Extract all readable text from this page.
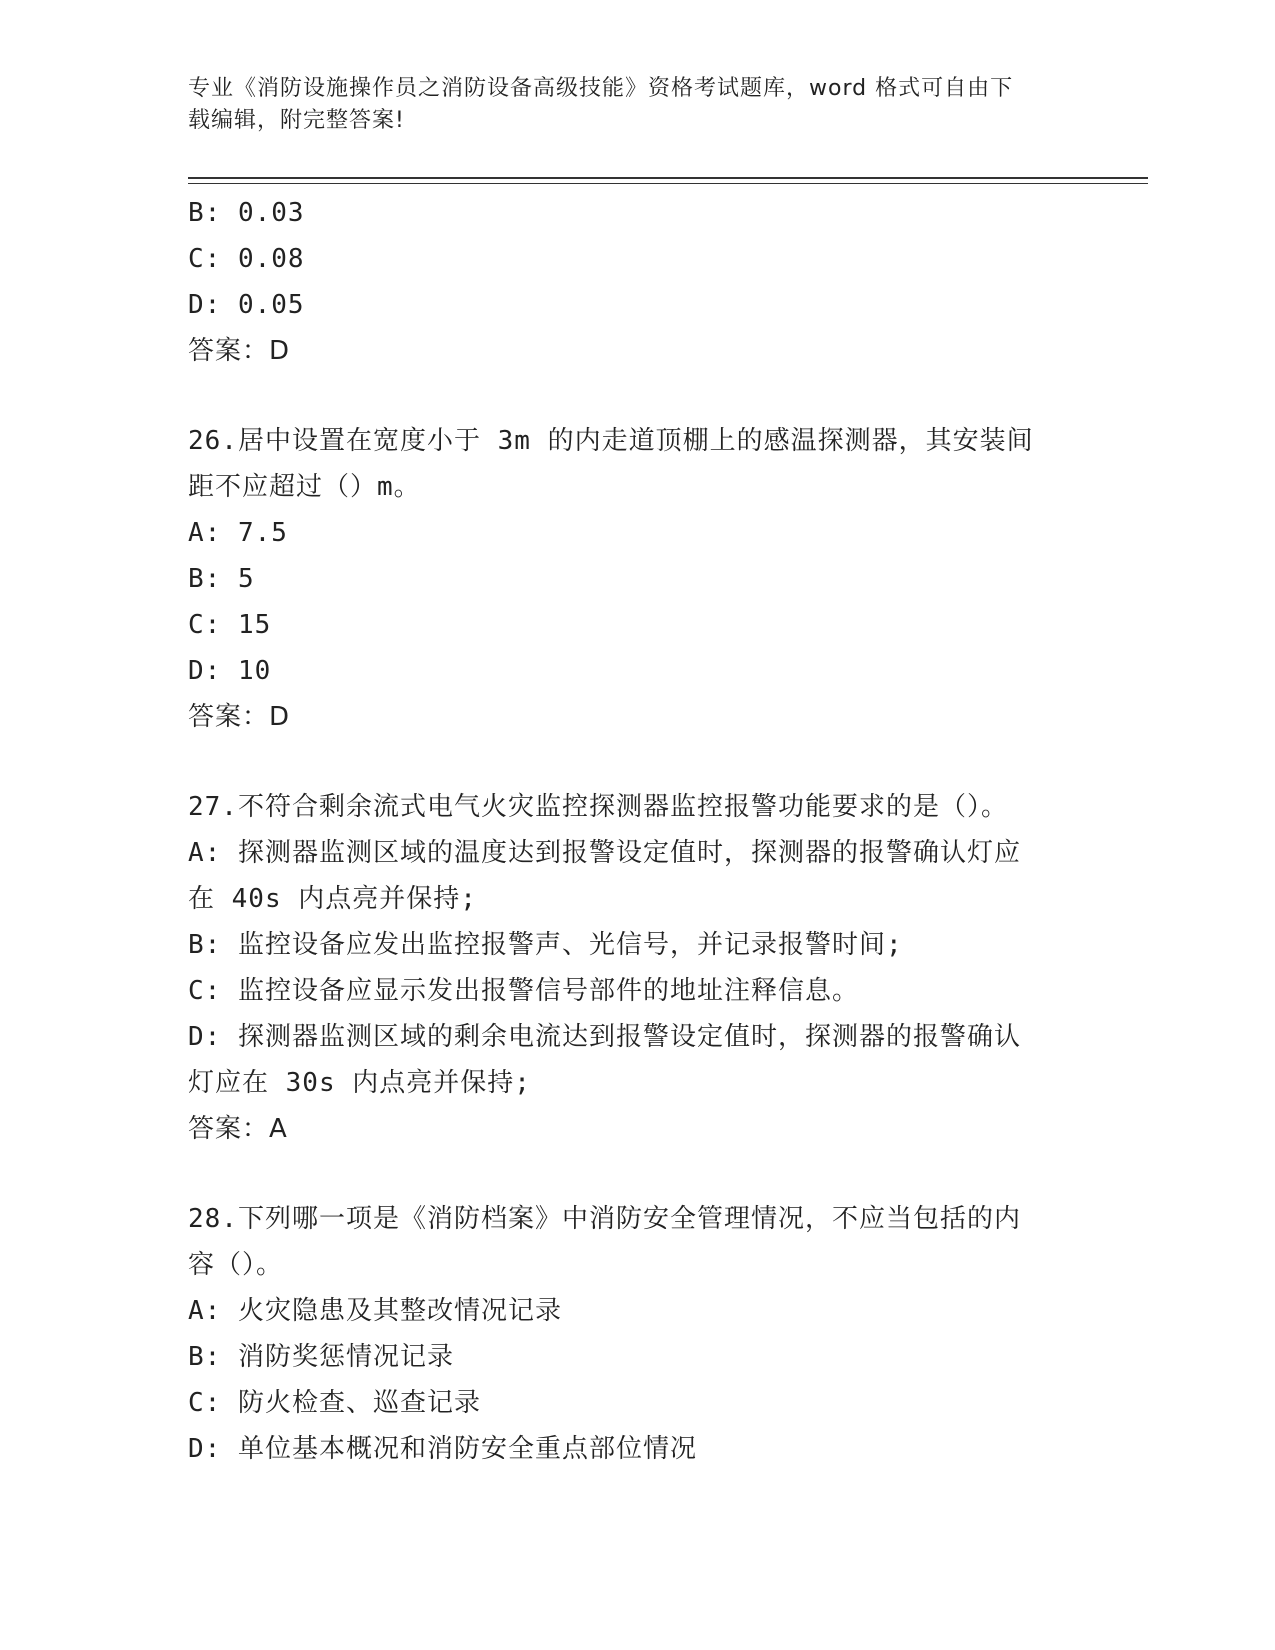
专业《消防设施操作员之消防设备高级技能》资格考试题库，word 格式可自由下
载编辑，附完整答案!
B: 0.03
C: 0.08
D: 0.05
答案：D
26.居中设置在宽度小于 3m 的内走道顶棚上的感温探测器，其安装间
距不应超过（）m。
A: 7.5
B: 5
C: 15
D: 10
答案：D
27.不符合剩余流式电气火灾监控探测器监控报警功能要求的是（）。
A: 探测器监测区域的温度达到报警设定值时，探测器的报警确认灯应
在 40s 内点亮并保持;
B: 监控设备应发出监控报警声、光信号，并记录报警时间;
C: 监控设备应显示发出报警信号部件的地址注释信息。
D: 探测器监测区域的剩余电流达到报警设定值时，探测器的报警确认
灯应在 30s 内点亮并保持;
答案：A
28.下列哪一项是《消防档案》中消防安全管理情况，不应当包括的内
容（）。
A: 火灾隐患及其整改情况记录
B: 消防奖惩情况记录
C: 防火检查、巡查记录
D: 单位基本概况和消防安全重点部位情况
